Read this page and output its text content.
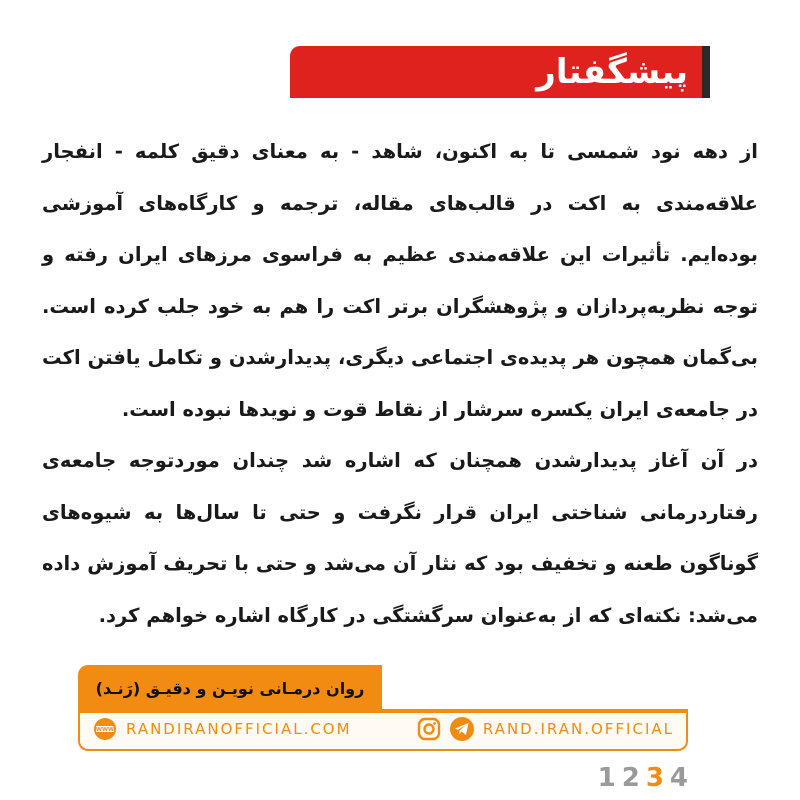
پیشگفتار

از دهه نود شمسی تا به اکنون، شاهد - به معنای دقیق کلمه - انفجار علاقه‌مندی به اکت در قالب‌های مقاله، ترجمه و کارگاه‌های آموزشی بوده‌ایم. تأثیرات این علاقه‌مندی عظیم به فراسوی مرزهای ایران رفته و توجه نظریه‌پردازان و پژوهشگران برتر اکت را هم به خود جلب کرده است. بی‌گمان همچون هر پدیده‌ی اجتماعی دیگری، پدیدارشدن و تکامل یافتن اکت در جامعه‌ی ایران یکسره سرشار از نقاط قوت و نویدها نبوده است.

در آن آغاز پدیدارشدن همچنان که اشاره شد چندان موردتوجه جامعه‌ی رفتاردرمانی شناختی ایران قرار نگرفت و حتی تا سال‌ها به شیوه‌های گوناگون طعنه و تخفیف بود که نثار آن می‌شد و حتی با تحریف آموزش داده می‌شد: نکته‌ای که از به‌عنوان سرگشتگی در کارگاه اشاره خواهم کرد.

روان درمـانی نویـن و دقیـق (رَنـد)
WWW RANDIRANOFFICIAL.COM	RAND.IRAN.OFFICIAL
1 2 3 4
